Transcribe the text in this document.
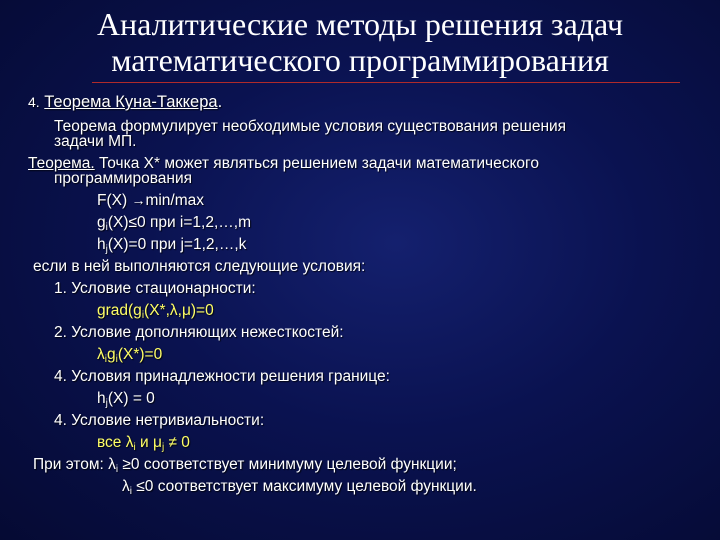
Аналитические методы решения задач
математического программирования
4. Теорема Куна-Таккера.
Теорема формулирует необходимые условия существования решения
задачи МП.
Теорема. Точка X* может являться решением задачи математического
программирования
F(X) →min/max
$g_i(X)\le 0$ при i=1,2,…,m
$h_j(X)=0$ при j=1,2,…,k
если в ней выполняются следующие условия:
1. Условие стационарности:
$grad(g_i(X*,\lambda,\mu)=0$
2. Условие дополняющих нежесткостей:
$\lambda_ig_i(X*)=0$
4. Условия принадлежности решения границе:
$h_j(X) = 0$
4. Условие нетривиальности:
все $\lambda_i$ и $\mu_j \ne 0$
При этом: $\lambda_i \ge 0$ соответствует минимуму целевой функции;
$\lambda_i \le 0$ соответствует максимуму целевой функции.
